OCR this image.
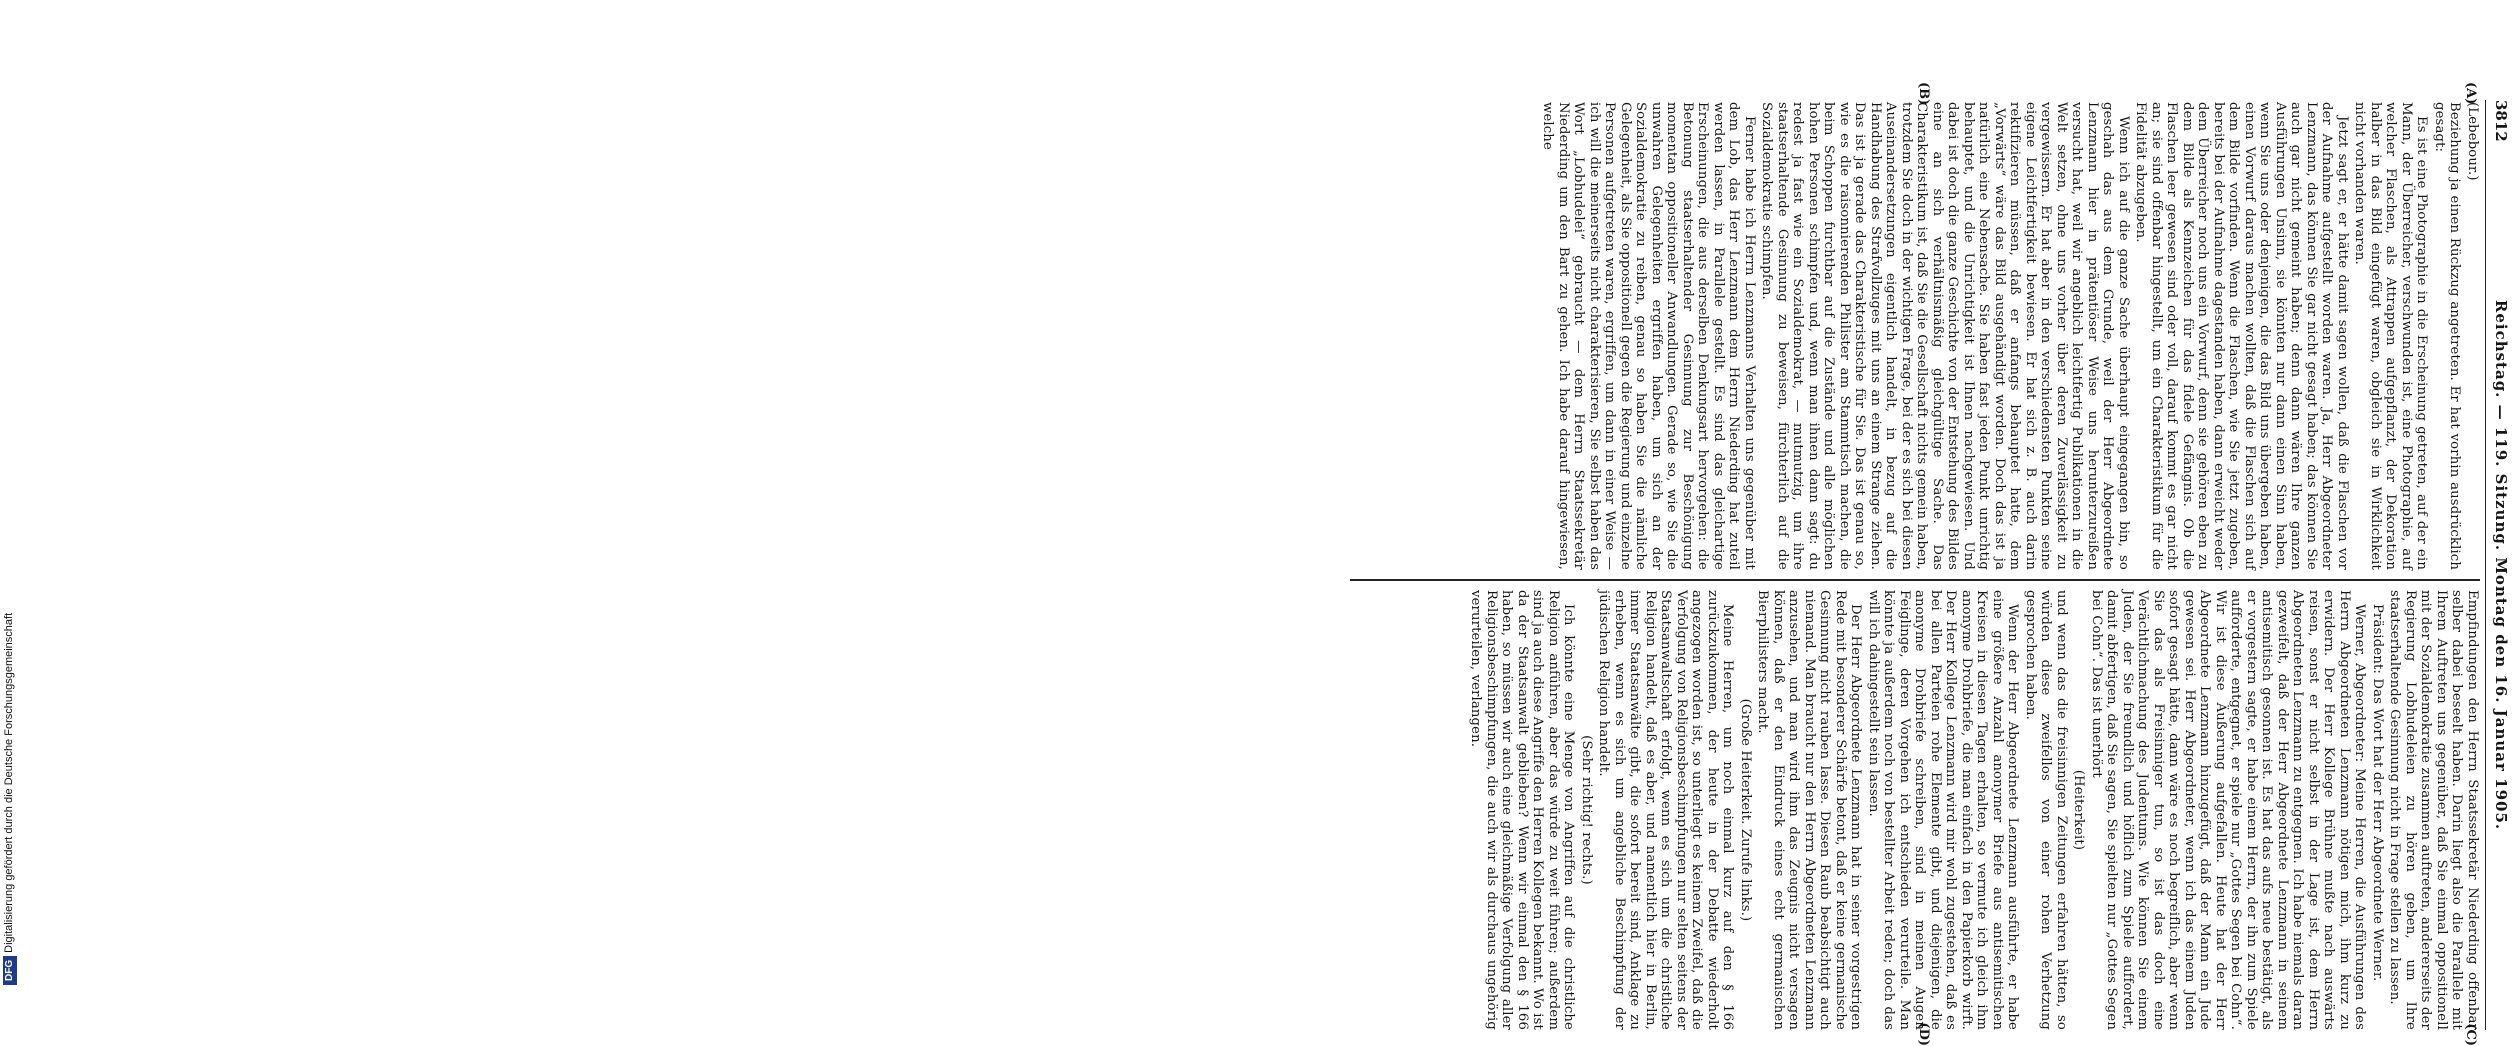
3812
Reichstag. — 119. Sitzung. Montag den 16. Januar 1905.
(A)
(B)
(C)
(D)

(Lebebour.)

Beziehung ja einen Rückzug angetreten. Er hat vorhin ausdrücklich gesagt:

Es ist eine Photographie in die Erscheinung getreten, auf der ein Mann, der Überreicher, verschwunden ist, eine Photographie, auf welcher Flaschen, als Attrappen aufgepflanzt, der Dekoration halber in das Bild eingefügt waren, obgleich sie in Wirklichkeit nicht vorhanden waren.

Jetzt sagt er, er hätte damit sagen wollen, daß die Flaschen vor der Aufnahme aufgestellt worden waren. Ja, Herr Abgeordneter Lenzmann, das können Sie gar nicht gesagt haben; das können Sie auch gar nicht gemeint haben; denn dann wären Ihre ganzen Ausführungen Unsinn, sie könnten nur dann einen Sinn haben, wenn Sie uns oder denjenigen, die das Bild uns übergeben haben, einen Vorwurf daraus machen wollten, daß die Flaschen sich auf dem Bilde vorfinden. Wenn die Flaschen, wie Sie jetzt zugeben, bereits bei der Aufnahme dagestanden haben, dann erweicht weder dem Überreicher noch uns ein Vorwurf, denn sie gehören eben zu dem Bilde als Kennzeichen für das fidele Gefängnis. Ob die Flaschen leer gewesen sind oder voll, darauf kommt es gar nicht an; sie sind offenbar hingestellt, um ein Charakteristikum für die Fidelität abzugeben.

Wenn ich auf die ganze Sache überhaupt eingegangen bin, so geschah das aus dem Grunde, weil der Herr Abgeordnete Lenzmann hier in prätentiöser Weise uns herunterzureißen versucht hat, weil wir angeblich leichtfertig Publikationen in die Welt setzen, ohne uns vorher über deren Zuverlässigkeit zu vergewissern. Er hat aber in den verschiedensten Punkten seine eigene Leichtfertigkeit bewiesen. Er hat sich z. B. auch darin rektifizieren müssen, daß er anfangs behauptet hatte, dem „Vorwärts“ wäre das Bild ausgehändigt worden. Doch das ist ja natürlich eine Nebensache. Sie haben fast jeden Punkt unrichtig behauptet, und die Unrichtigkeit ist Ihnen nachgewiesen. Und dabei ist doch die ganze Geschichte von der Entstehung des Bildes eine an sich verhältnismäßig gleichgültige Sache. Das Charakteristikum ist, daß Sie die Gesellschaft nichts gemein haben, trotzdem Sie doch in der wichtigen Frage, bei der es sich bei diesen Auseinandersetzungen eigentlich handelt, in bezug auf die Handhabung des Strafvollzuges mit uns an einem Strange ziehen. Das ist ja gerade das Charakteristische für Sie. Das ist genau so, wie es die raisonnierenden Philister am Stammtisch machen, die beim Schoppen furchtbar auf die Zustände und alle möglichen hohen Personen schimpfen und, wenn man ihnen dann sagt: du redest ja fast wie ein Sozialdemokrat, — mutmutzig, um ihre staatserhaltende Gesinnung zu beweisen, fürchterlich auf die Sozialdemokratie schimpfen.

Ferner habe ich Herrn Lenzmanns Verhalten uns gegenüber mit dem Lob, das Herr Lenzmann dem Herrn Niederding hat zuteil werden lassen, in Parallele gestellt. Es sind das gleichartige Erscheinungen, die aus derselben Denkungsart hervorgehen: die Betonung staatserhaltender Gesinnung zur Beschönigung momentan oppositioneller Anwandlungen. Gerade so, wie Sie die unwahren Gelegenheiten ergriffen haben, um sich an der Sozialdemokratie zu reiben, genau so haben Sie die nämliche Gelegenheit, als Sie oppositionell gegen die Regierung und einzelne Personen aufgetreten waren, ergriffen, um dann in einer Weise — ich will die meinerseits nicht charakterisieren, Sie selbst haben das Wort „Lobhudelei“ gebraucht — dem Herrn Staatssekretär Niederding um den Bart zu gehen. Ich habe darauf hingewiesen, welche

Empfindungen den Herrn Staatssekretär Niederding offenbar selber dabei beseelt haben. Darin liegt also die Parallele mit Ihrem Auftreten uns gegenüber, daß Sie einmal oppositionell mit der Sozialdemokratie zusammen auftreten, andererseits der Regierung Lobhudeleien zu hören geben, um Ihre staatserhaltende Gesinnung nicht in Frage stellen zu lassen.

Präsident: Das Wort hat der Herr Abgeordnete Werner.

Werner, Abgeordneter: Meine Herren, die Ausführungen des Herrn Abgeordneten Lenzmann nötigen mich, ihm kurz zu erwidern. Der Herr Kollege Brühne mußte nach auswärts reisen, sonst er nicht selbst in der Lage ist, dem Herrn Abgeordneten Lenzmann zu entgegnen. Ich habe niemals daran gezweifelt, daß der Herr Abgeordnete Lenzmann in seinem antisemitisch gesonnen ist. Es hat das aufs neue bestätigt, als er vorgestern sagte, er habe einem Herrn, der ihn zum Spiele aufforderte, entgegnet, er spiele nur „Gottes Segen bei Cohn“. Wir ist diese Äußerung aufgefallen. Heute hat der Herr Abgeordnete Lenzmann hinzugefügt, daß der Mann ein Jude gewesen sei. Herr Abgeordneter, wenn ich das einem Juden sofort gesagt hätte, dann wäre es noch begreiflich, aber wenn Sie das als Freisinniger tun, so ist das doch eine Verächtlichmachung des Judentums. Wie können Sie einem Juden, der Sie freundlich und höflich zum Spiele auffordert, damit abfertigen, daß Sie sagen, Sie spielten nur „Gottes Segen bei Cohn“. Das ist unerhört

(Heiterkeit)

und wenn das die freisinnigen Zeitungen erfahren hätten, so würden diese zweifellos von einer rohen Verhetzung gesprochen haben.

Wenn der Herr Abgeordnete Lenzmann ausführte, er habe eine größere Anzahl anonymer Briefe aus antisemitischen Kreisen in diesen Tagen erhalten, so vermute ich gleich ihm anonyme Drohbriefe, die man einfach in den Papierkorb wirft. Der Herr Kollege Lenzmann wird mir wohl zugestehen, daß es bei allen Parteien rohe Elemente gibt, und diejenigen, die anonyme Drohbriefe schreiben, sind in meinen Augen Feiglinge, deren Vorgehen ich entschieden verurteile. Man könnte ja außerdem noch von bestellter Arbeit reden; doch das will ich dahingestellt sein lassen.

Der Herr Abgeordnete Lenzmann hat in seiner vorgestrigen Rede mit besonderer Schärfe betont, daß er keine germanische Gesinnung nicht rauben lasse. Diesen Raub beabsichtigt auch niemand. Man braucht nur den Herrn Abgeordneten Lenzmann anzusehen, und man wird ihm das Zeugnis nicht versagen können, daß er den Eindruck eines echt germanischen Bierphilisters macht.

(Große Heiterkeit. Zurufe links.)

Meine Herren, um noch einmal kurz auf den § 166 zurückzukommen, der heute in der Debatte wiederholt angezogen worden ist, so unterliegt es keinem Zweifel, daß die Verfolgung von Religionsbeschimpfungen nur selten seitens der Staatsanwaltschaft erfolgt, wenn es sich um die christliche Religion handelt, daß es aber, und namentlich hier in Berlin, immer Staatsanwälte gibt, die sofort bereit sind, Anklage zu erheben, wenn es sich um angebliche Beschimpfung der jüdischen Religion handelt.

(Sehr richtig! rechts.)

Ich könnte eine Menge von Angriffen auf die christliche Religion anführen, aber das würde zu weit führen; außerdem sind ja auch diese Angriffe den Herren Kollegen bekannt. Wo ist da der Staatsanwalt geblieben? Wenn wir einmal den § 166 haben, so müssen wir auch eine gleichmäßige Verfolgung aller Religionsbeschimpfungen, die auch wir als durchaus ungehörig verurteilen, verlangen.

DFG Digitalisierung gefördert durch die Deutsche Forschungsgemeinschaft
